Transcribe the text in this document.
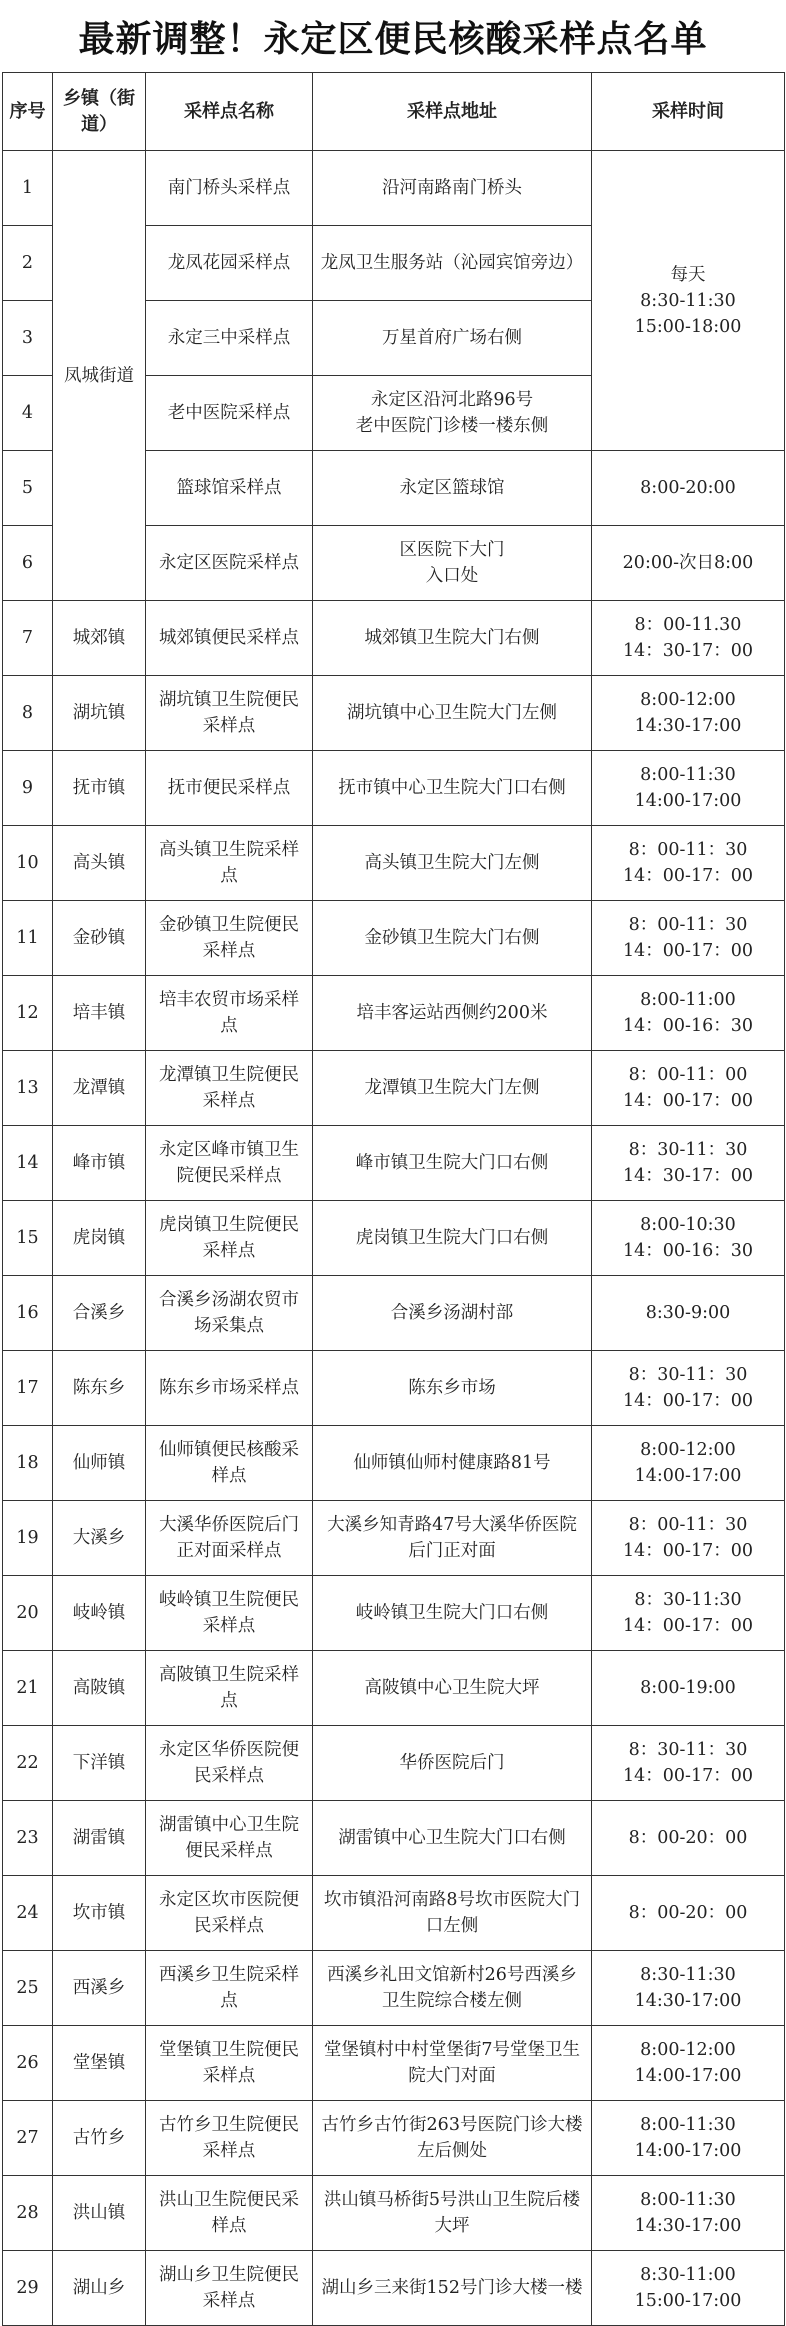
最新调整！永定区便民核酸采样点名单
序号	乡镇（街道）	采样点名称	采样点地址	采样时间
1	凤城街道	南门桥头采样点	沿河南路南门桥头	每天
8:30-11:30
15:00-18:00
2		龙凤花园采样点	龙凤卫生服务站（沁园宾馆旁边）	
3		永定三中采样点	万星首府广场右侧	
4		老中医院采样点	永定区沿河北路96号
老中医院门诊楼一楼东侧	
5		篮球馆采样点	永定区篮球馆	8:00-20:00
6		永定区医院采样点	区医院下大门
入口处	20:00-次日8:00
7	城郊镇	城郊镇便民采样点	城郊镇卫生院大门右侧	8：00-11.30
14：30-17：00
8	湖坑镇	湖坑镇卫生院便民采样点	湖坑镇中心卫生院大门左侧	8:00-12:00
14:30-17:00
9	抚市镇	抚市便民采样点	抚市镇中心卫生院大门口右侧	8:00-11:30
14:00-17:00
10	高头镇	高头镇卫生院采样点	高头镇卫生院大门左侧	8：00-11：30
14：00-17：00
11	金砂镇	金砂镇卫生院便民采样点	金砂镇卫生院大门右侧	8：00-11：30
14：00-17：00
12	培丰镇	培丰农贸市场采样点	培丰客运站西侧约200米	8:00-11:00
14：00-16：30
13	龙潭镇	龙潭镇卫生院便民采样点	龙潭镇卫生院大门左侧	8：00-11：00
14：00-17：00
14	峰市镇	永定区峰市镇卫生院便民采样点	峰市镇卫生院大门口右侧	8：30-11：30
14：30-17：00
15	虎岗镇	虎岗镇卫生院便民采样点	虎岗镇卫生院大门口右侧	8:00-10:30
14：00-16：30
16	合溪乡	合溪乡汤湖农贸市场采集点	合溪乡汤湖村部	8:30-9:00
17	陈东乡	陈东乡市场采样点	陈东乡市场	8：30-11：30
14：00-17：00
18	仙师镇	仙师镇便民核酸采样点	仙师镇仙师村健康路81号	8:00-12:00
14:00-17:00
19	大溪乡	大溪华侨医院后门正对面采样点	大溪乡知青路47号大溪华侨医院后门正对面	8：00-11：30
14：00-17：00
20	岐岭镇	岐岭镇卫生院便民采样点	岐岭镇卫生院大门口右侧	8：30-11:30
14：00-17：00
21	高陂镇	高陂镇卫生院采样点	高陂镇中心卫生院大坪	8:00-19:00
22	下洋镇	永定区华侨医院便民采样点	华侨医院后门	8：30-11：30
14：00-17：00
23	湖雷镇	湖雷镇中心卫生院便民采样点	湖雷镇中心卫生院大门口右侧	8：00-20：00
24	坎市镇	永定区坎市医院便民采样点	坎市镇沿河南路8号坎市医院大门口左侧	8：00-20：00
25	西溪乡	西溪乡卫生院采样点	西溪乡礼田文馆新村26号西溪乡卫生院综合楼左侧	8:30-11:30
14:30-17:00
26	堂堡镇	堂堡镇卫生院便民采样点	堂堡镇村中村堂堡街7号堂堡卫生院大门对面	8:00-12:00
14:00-17:00
27	古竹乡	古竹乡卫生院便民采样点	古竹乡古竹街263号医院门诊大楼左后侧处	8:00-11:30
14:00-17:00
28	洪山镇	洪山卫生院便民采样点	洪山镇马桥街5号洪山卫生院后楼大坪	8:00-11:30
14:30-17:00
29	湖山乡	湖山乡卫生院便民采样点	湖山乡三来街152号门诊大楼一楼	8:30-11:00
15:00-17:00
